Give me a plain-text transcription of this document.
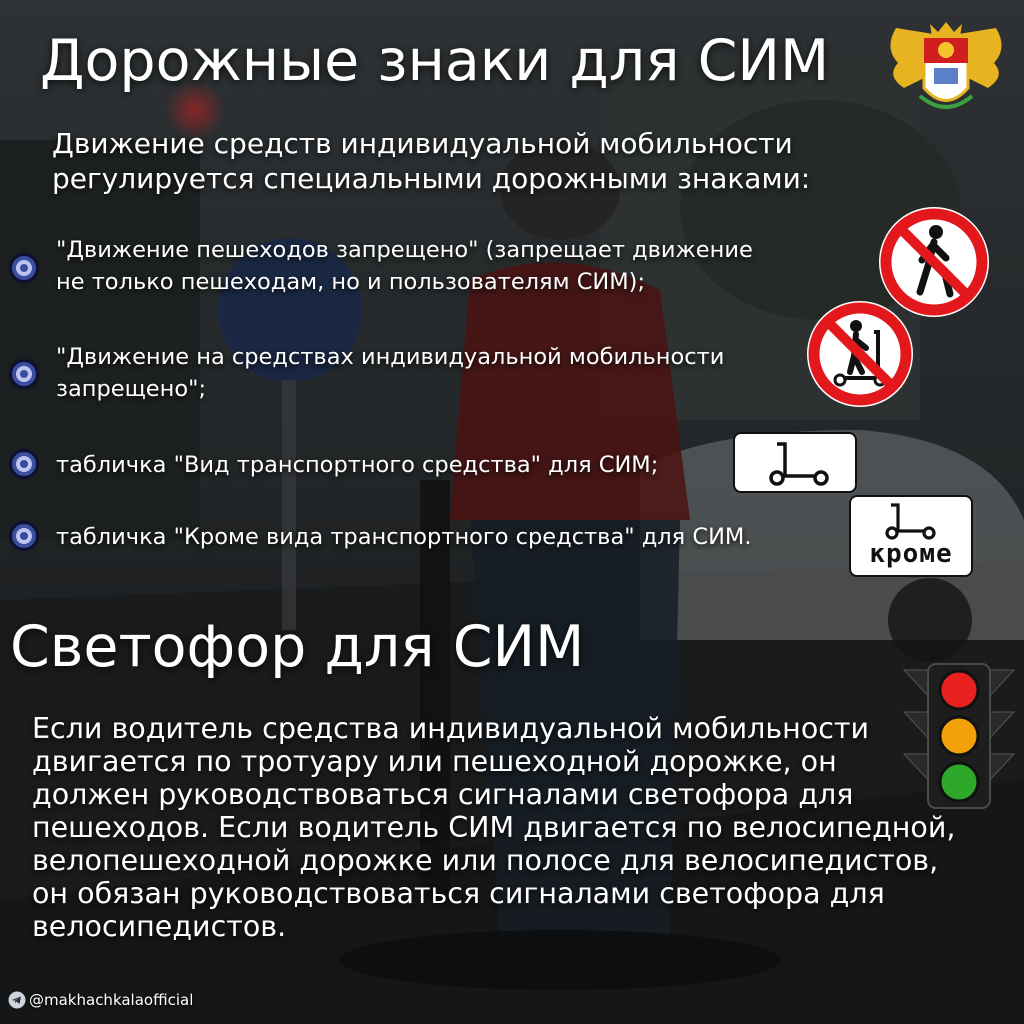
Дорожные знаки для СИМ
Движение средств индивидуальной мобильности
регулируется специальными дорожными знаками:
"Движение пешеходов запрещено" (запрещает движение
не только пешеходам, но и пользователям СИМ);
"Движение на средствах индивидуальной мобильности
запрещено";
табличка "Вид транспортного средства" для СИМ;
табличка "Кроме вида транспортного средства" для СИМ.
кроме
Светофор для СИМ
Если водитель средства индивидуальной мобильности
двигается по тротуару или пешеходной дорожке, он
должен руководствоваться сигналами светофора для
пешеходов. Если водитель СИМ двигается по велосипедной,
велопешеходной дорожке или полосе для велосипедистов,
он обязан руководствоваться сигналами светофора для
велосипедистов.
@makhachkalaofficial
